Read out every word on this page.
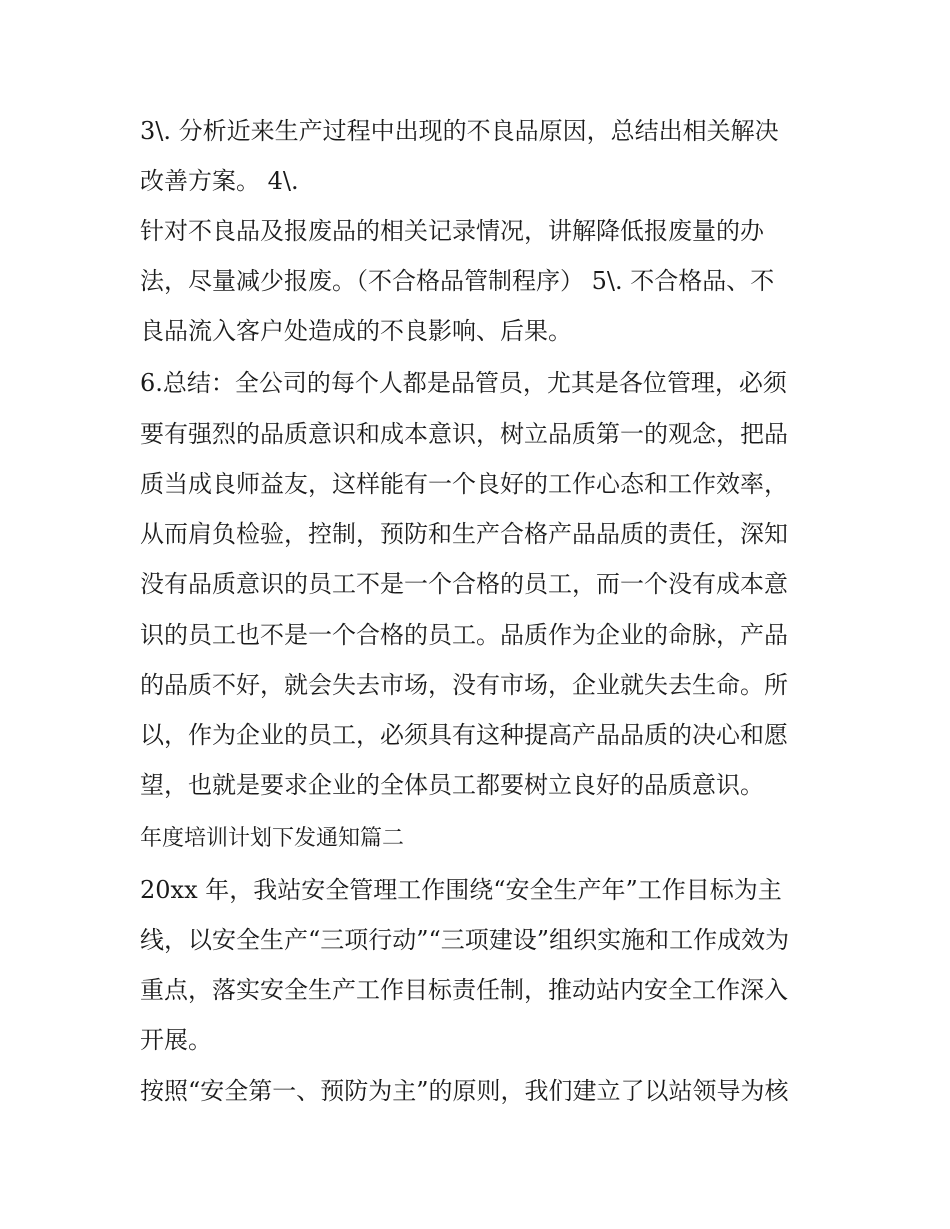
3\. 分析近来生产过程中出现的不良品原因，总结出相关解决

改善方案。 4\.

针对不良品及报废品的相关记录情况，讲解降低报废量的办

法，尽量减少报废。（不合格品管制程序） 5\. 不合格品、不

良品流入客户处造成的不良影响、后果。

6.总结：全公司的每个人都是品管员，尤其是各位管理，必须

要有强烈的品质意识和成本意识，树立品质第一的观念，把品

质当成良师益友，这样能有一个良好的工作心态和工作效率，

从而肩负检验，控制，预防和生产合格产品品质的责任，深知

没有品质意识的员工不是一个合格的员工，而一个没有成本意

识的员工也不是一个合格的员工。品质作为企业的命脉，产品

的品质不好，就会失去市场，没有市场，企业就失去生命。所

以，作为企业的员工，必须具有这种提高产品品质的决心和愿

望，也就是要求企业的全体员工都要树立良好的品质意识。

年度培训计划下发通知篇二

20xx 年，我站安全管理工作围绕“安全生产年”工作目标为主

线，以安全生产“三项行动”“三项建设”组织实施和工作成效为

重点，落实安全生产工作目标责任制，推动站内安全工作深入

开展。

按照“安全第一、预防为主”的原则，我们建立了以站领导为核
